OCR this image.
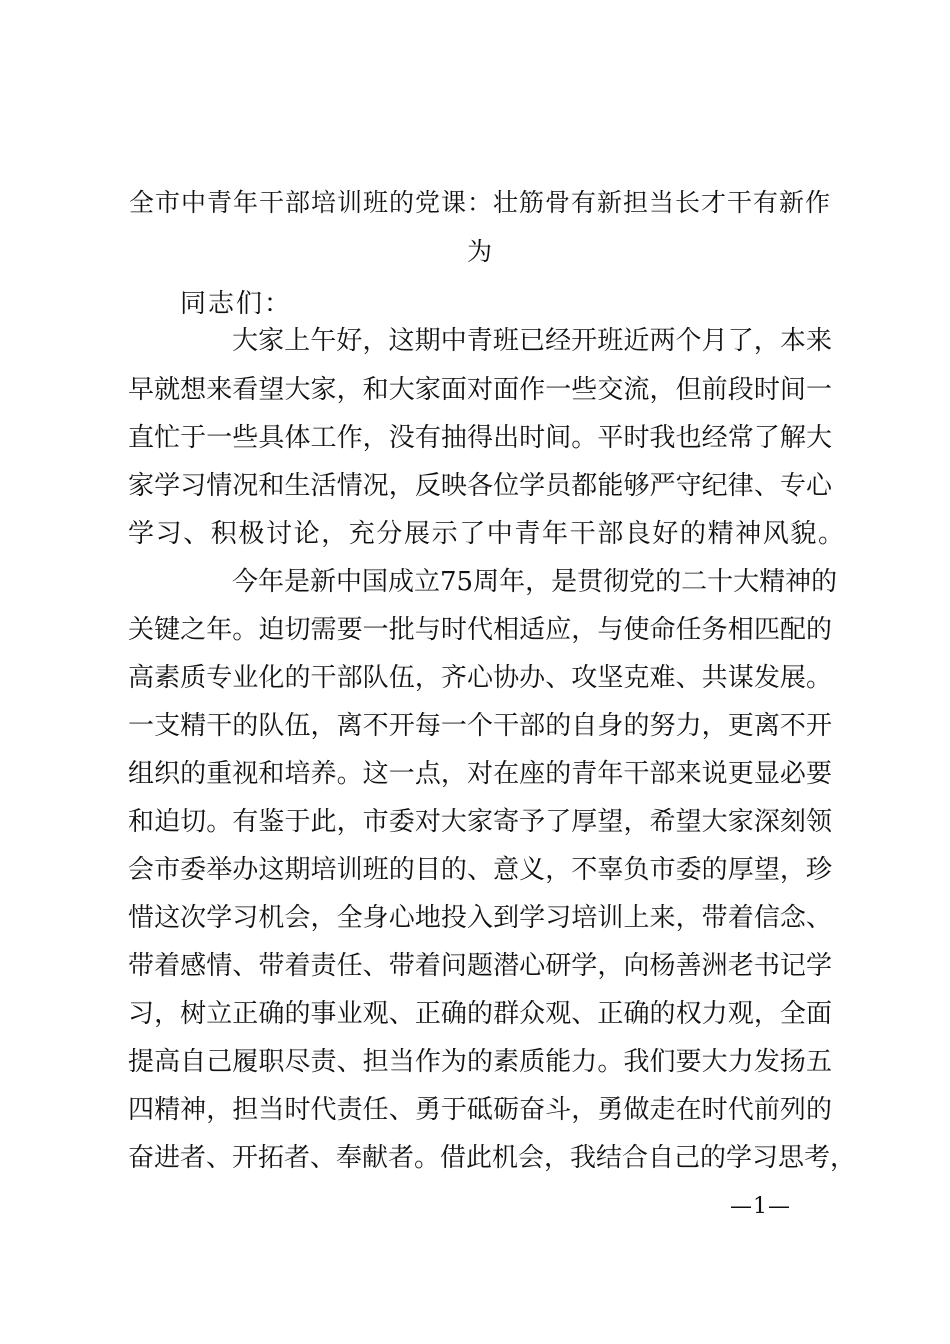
全市中青年干部培训班的党课：壮筋骨有新担当长才干有新作
为
同志们：
大家上午好，这期中青班已经开班近两个月了，本来
早就想来看望大家，和大家面对面作一些交流，但前段时间一
直忙于一些具体工作，没有抽得出时间。平时我也经常了解大
家学习情况和生活情况，反映各位学员都能够严守纪律、专心
学习、积极讨论，充分展示了中青年干部良好的精神风貌。
今年是新中国成立75周年，是贯彻党的二十大精神的
关键之年。迫切需要一批与时代相适应，与使命任务相匹配的
高素质专业化的干部队伍，齐心协办、攻坚克难、共谋发展。
一支精干的队伍，离不开每一个干部的自身的努力，更离不开
组织的重视和培养。这一点，对在座的青年干部来说更显必要
和迫切。有鉴于此，市委对大家寄予了厚望，希望大家深刻领
会市委举办这期培训班的目的、意义，不辜负市委的厚望，珍
惜这次学习机会，全身心地投入到学习培训上来，带着信念、
带着感情、带着责任、带着问题潜心研学，向杨善洲老书记学
习，树立正确的事业观、正确的群众观、正确的权力观，全面
提高自己履职尽责、担当作为的素质能力。我们要大力发扬五
四精神，担当时代责任、勇于砥砺奋斗，勇做走在时代前列的
奋进者、开拓者、奉献者。借此机会，我结合自己的学习思考，
—1—
